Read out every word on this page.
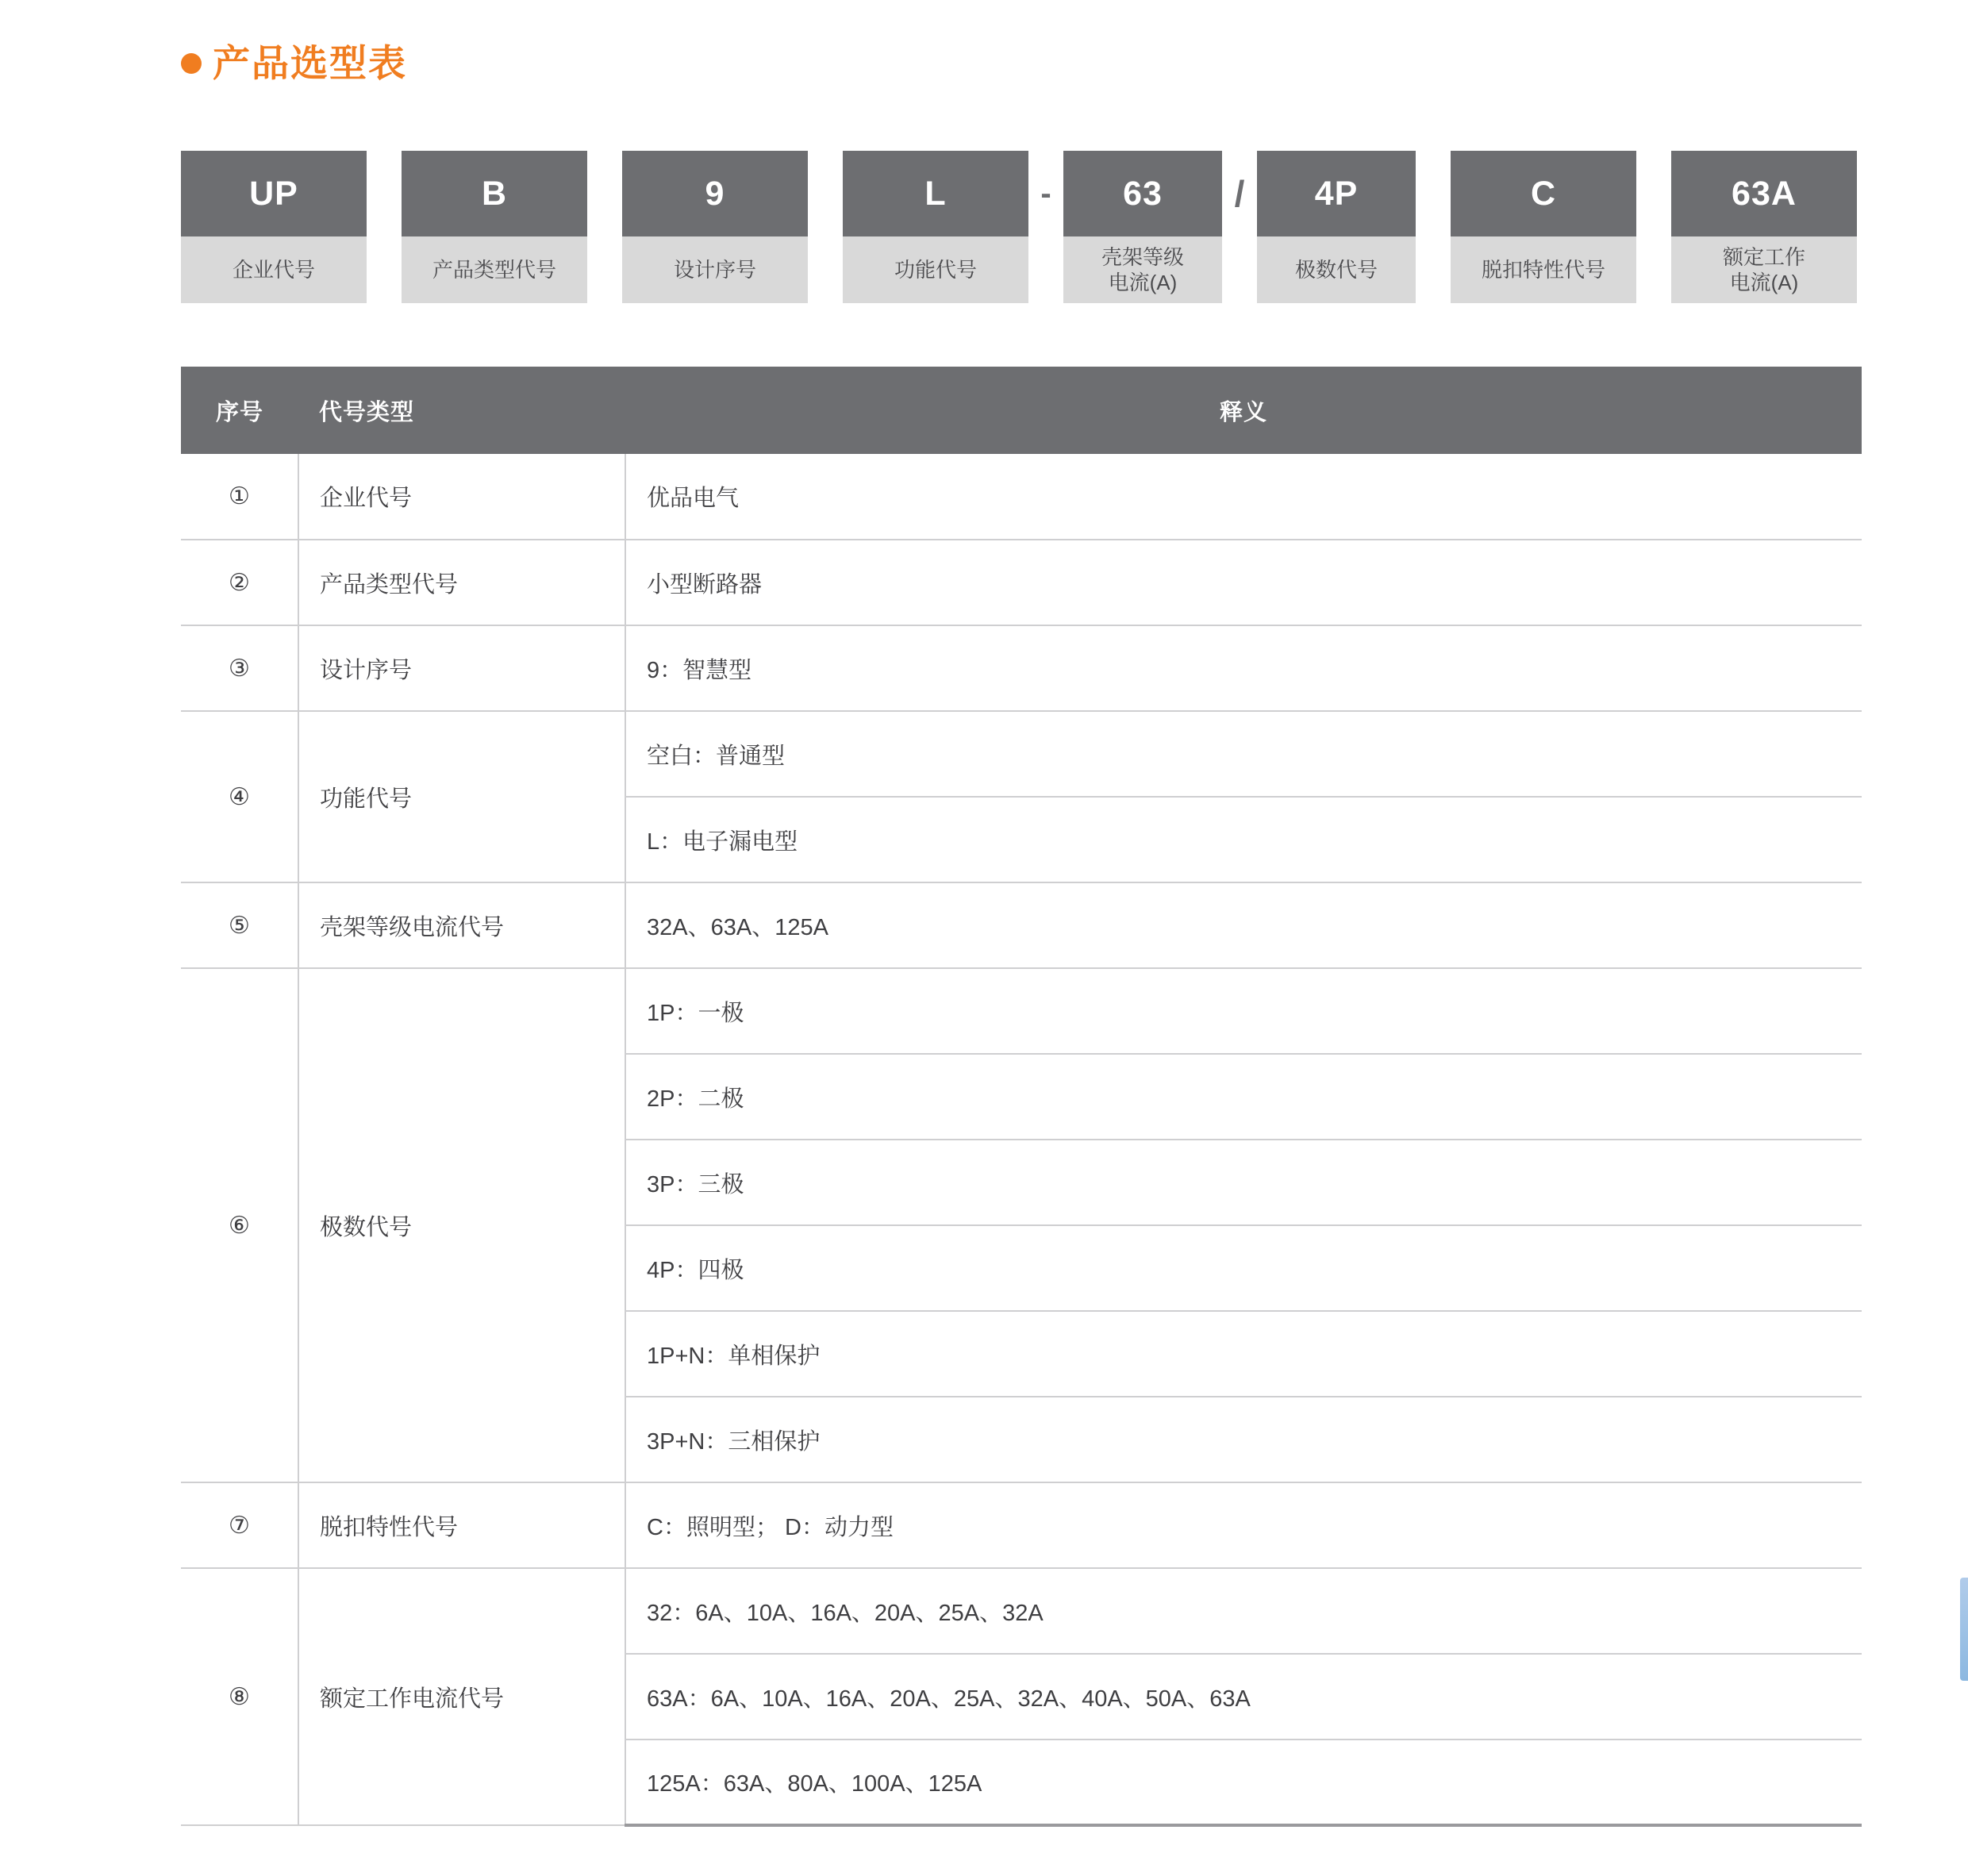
产品选型表
UP
企业代号
B
产品类型代号
9
设计序号
L
功能代号
-	63
壳架等级
电流(A)
/	4P
极数代号
C
脱扣特性代号
63A
额定工作
电流(A)
序号	代号类型	释义
①	企业代号	优品电气
②	产品类型代号	小型断路器
③	设计序号	9：智慧型
④	功能代号	空白：普通型
		L：电子漏电型
⑤	壳架等级电流代号	32A、63A、125A
⑥	极数代号	1P：一极
		2P：二极
		3P：三极
		4P：四极
		1P+N：单相保护
		3P+N：三相保护
⑦	脱扣特性代号	C：照明型； D：动力型
⑧	额定工作电流代号	32：6A、10A、16A、20A、25A、32A
		63A：6A、10A、16A、20A、25A、32A、40A、50A、63A
		125A：63A、80A、100A、125A
